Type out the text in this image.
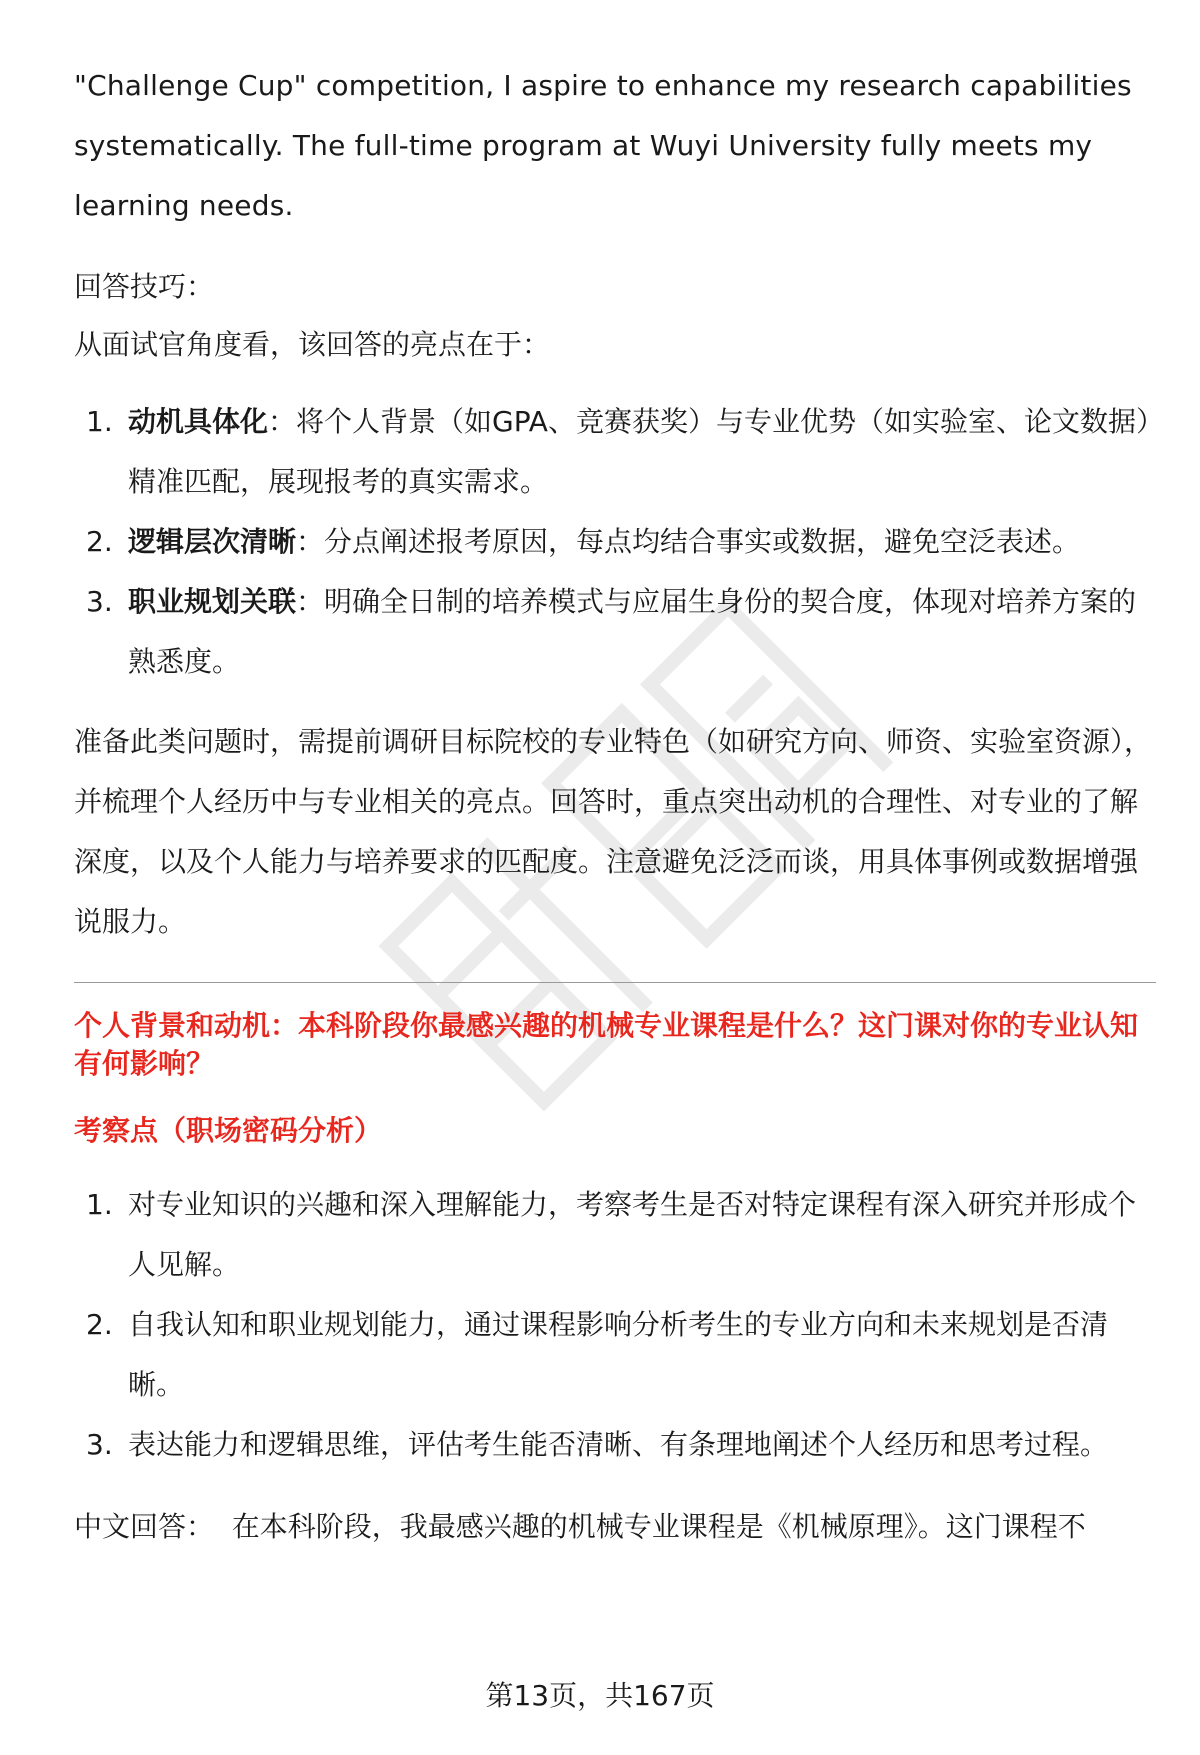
"Challenge Cup" competition, I aspire to enhance my research capabilities systematically. The full-time program at Wuyi University fully meets my learning needs.

回答技巧：

从面试官角度看，该回答的亮点在于：

1. 动机具体化：将个人背景（如GPA、竞赛获奖）与专业优势（如实验室、论文数据）精准匹配，展现报考的真实需求。
2. 逻辑层次清晰：分点阐述报考原因，每点均结合事实或数据，避免空泛表述。
3. 职业规划关联：明确全日制的培养模式与应届生身份的契合度，体现对培养方案的熟悉度。

准备此类问题时，需提前调研目标院校的专业特色（如研究方向、师资、实验室资源），并梳理个人经历中与专业相关的亮点。回答时，重点突出动机的合理性、对专业的了解深度，以及个人能力与培养要求的匹配度。注意避免泛泛而谈，用具体事例或数据增强说服力。

个人背景和动机：本科阶段你最感兴趣的机械专业课程是什么？这门课对你的专业认知有何影响？

考察点（职场密码分析）

1. 对专业知识的兴趣和深入理解能力，考察考生是否对特定课程有深入研究并形成个人见解。
2. 自我认知和职业规划能力，通过课程影响分析考生的专业方向和未来规划是否清晰。
3. 表达能力和逻辑思维，评估考生能否清晰、有条理地阐述个人经历和思考过程。

中文回答：  在本科阶段，我最感兴趣的机械专业课程是《机械原理》。这门课程不

第13页，共167页
